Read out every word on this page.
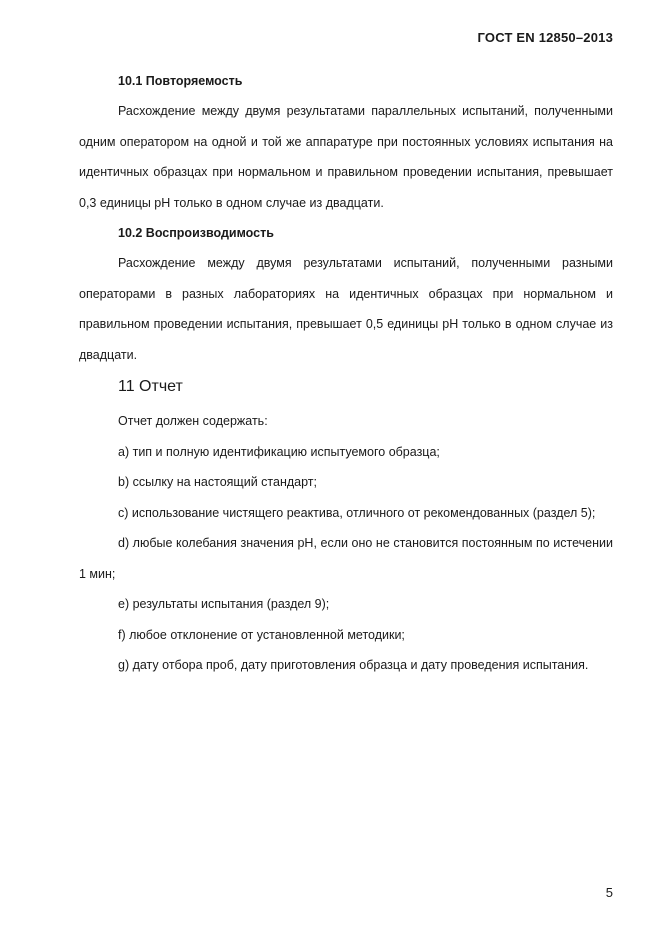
ГОСТ EN 12850–2013

10.1 Повторяемость

Расхождение между двумя результатами параллельных испытаний, полученными одним оператором на одной и той же аппаратуре при постоянных условиях испытания на идентичных образцах при нормальном и правильном проведении испытания, превышает 0,3 единицы pH только в одном случае из двадцати.

10.2 Воспроизводимость

Расхождение между двумя результатами испытаний, полученными разными операторами в разных лабораториях на идентичных образцах при нормальном и правильном проведении испытания, превышает 0,5 единицы pH только в одном случае из двадцати.

11 Отчет

Отчет должен содержать:

a) тип и полную идентификацию испытуемого образца;

b) ссылку на настоящий стандарт;

c) использование чистящего реактива, отличного от рекомендованных (раздел 5);

d) любые колебания значения pH, если оно не становится постоянным по истечении 1 мин;

e) результаты испытания (раздел 9);

f) любое отклонение от установленной методики;

g) дату отбора проб, дату приготовления образца и дату проведения испытания.

5
